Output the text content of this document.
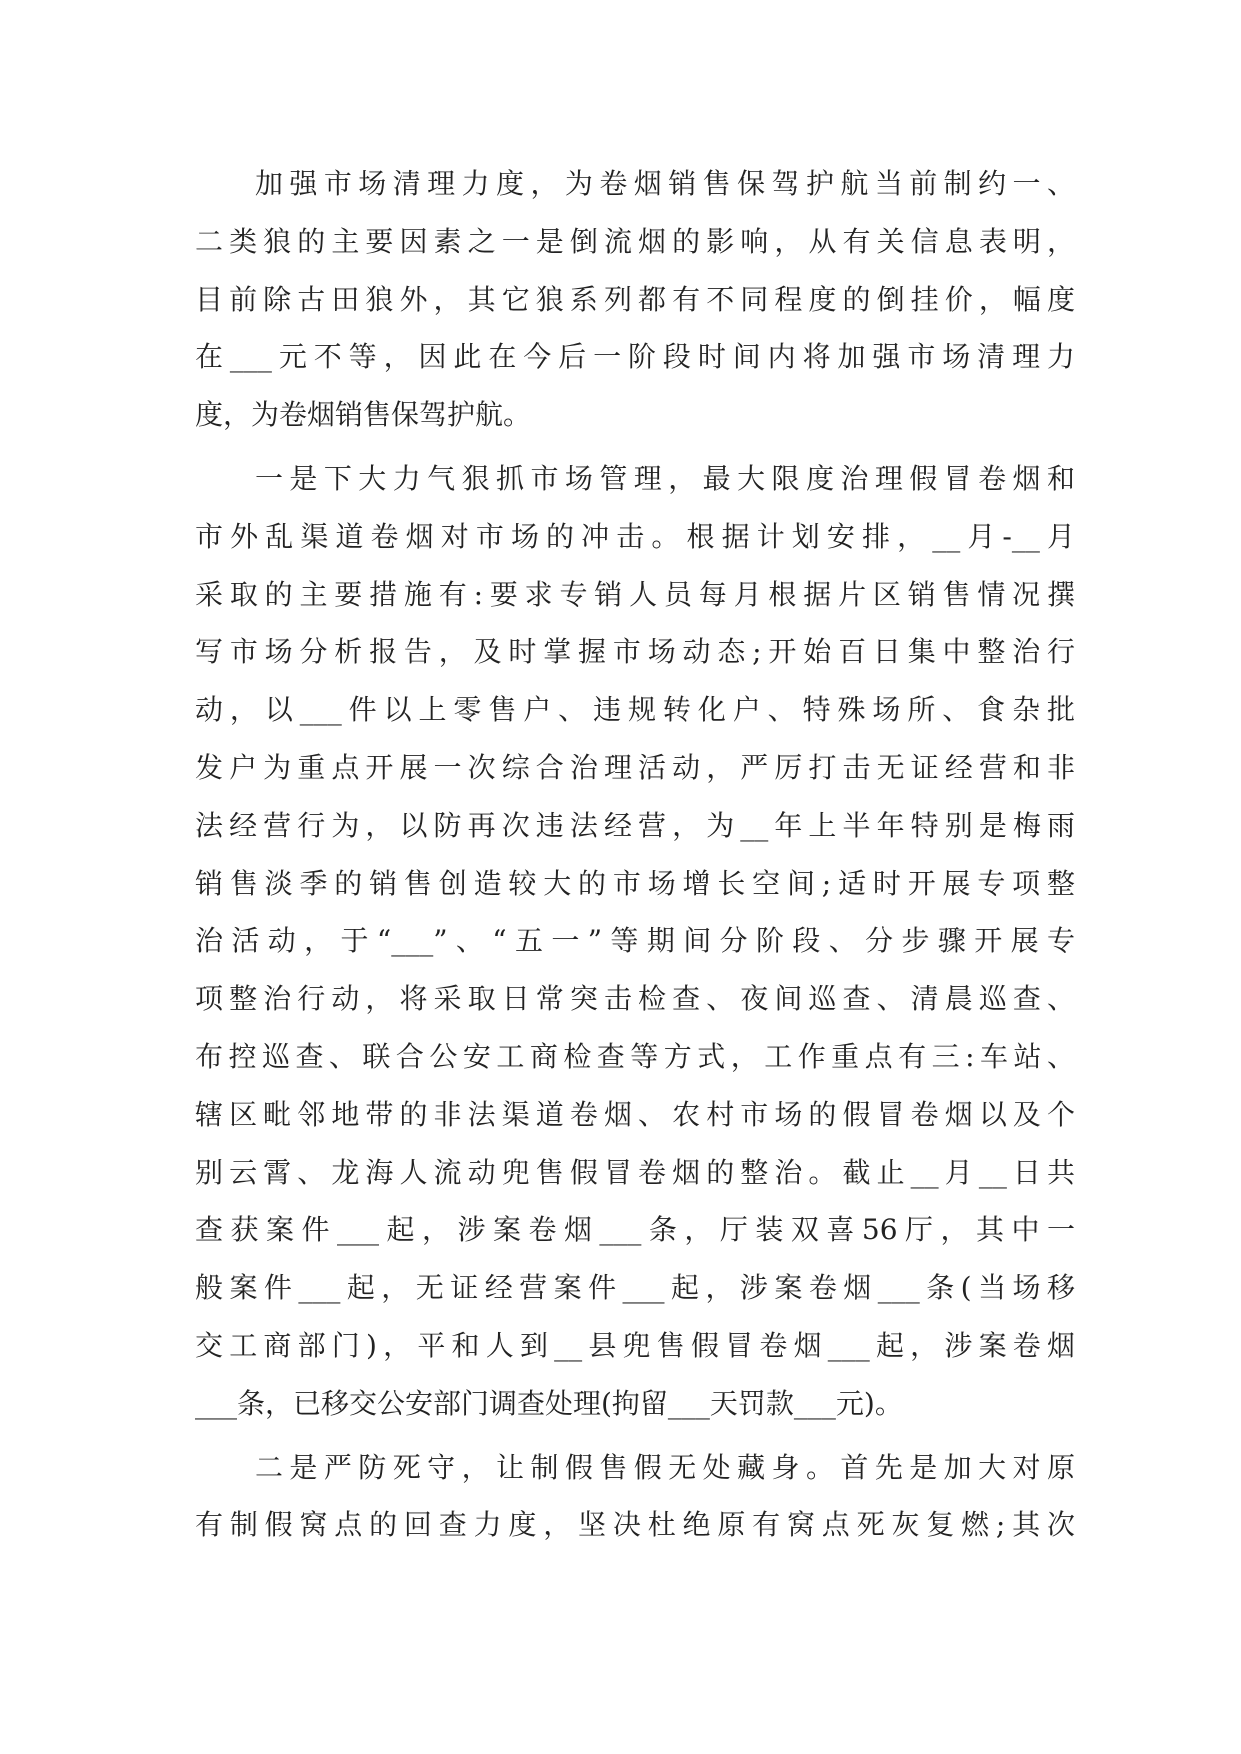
加强市场清理力度，为卷烟销售保驾护航当前制约一、
二类狼的主要因素之一是倒流烟的影响，从有关信息表明，
目前除古田狼外，其它狼系列都有不同程度的倒挂价，幅度
在___元不等，因此在今后一阶段时间内将加强市场清理力
度，为卷烟销售保驾护航。
一是下大力气狠抓市场管理，最大限度治理假冒卷烟和
市外乱渠道卷烟对市场的冲击。根据计划安排，__月-__月
采取的主要措施有:要求专销人员每月根据片区销售情况撰
写市场分析报告，及时掌握市场动态;开始百日集中整治行
动，以___件以上零售户、违规转化户、特殊场所、食杂批
发户为重点开展一次综合治理活动，严厉打击无证经营和非
法经营行为，以防再次违法经营，为__年上半年特别是梅雨
销售淡季的销售创造较大的市场增长空间;适时开展专项整
治活动，于“___”、“五一”等期间分阶段、分步骤开展专
项整治行动，将采取日常突击检查、夜间巡查、清晨巡查、
布控巡查、联合公安工商检查等方式，工作重点有三:车站、
辖区毗邻地带的非法渠道卷烟、农村市场的假冒卷烟以及个
别云霄、龙海人流动兜售假冒卷烟的整治。截止__月__日共
查获案件___起，涉案卷烟___条，厅装双喜56厅，其中一
般案件___起，无证经营案件___起，涉案卷烟___条(当场移
交工商部门)，平和人到__县兜售假冒卷烟___起，涉案卷烟
___条，已移交公安部门调查处理(拘留___天罚款___元)。
二是严防死守，让制假售假无处藏身。首先是加大对原
有制假窝点的回查力度，坚决杜绝原有窝点死灰复燃;其次
